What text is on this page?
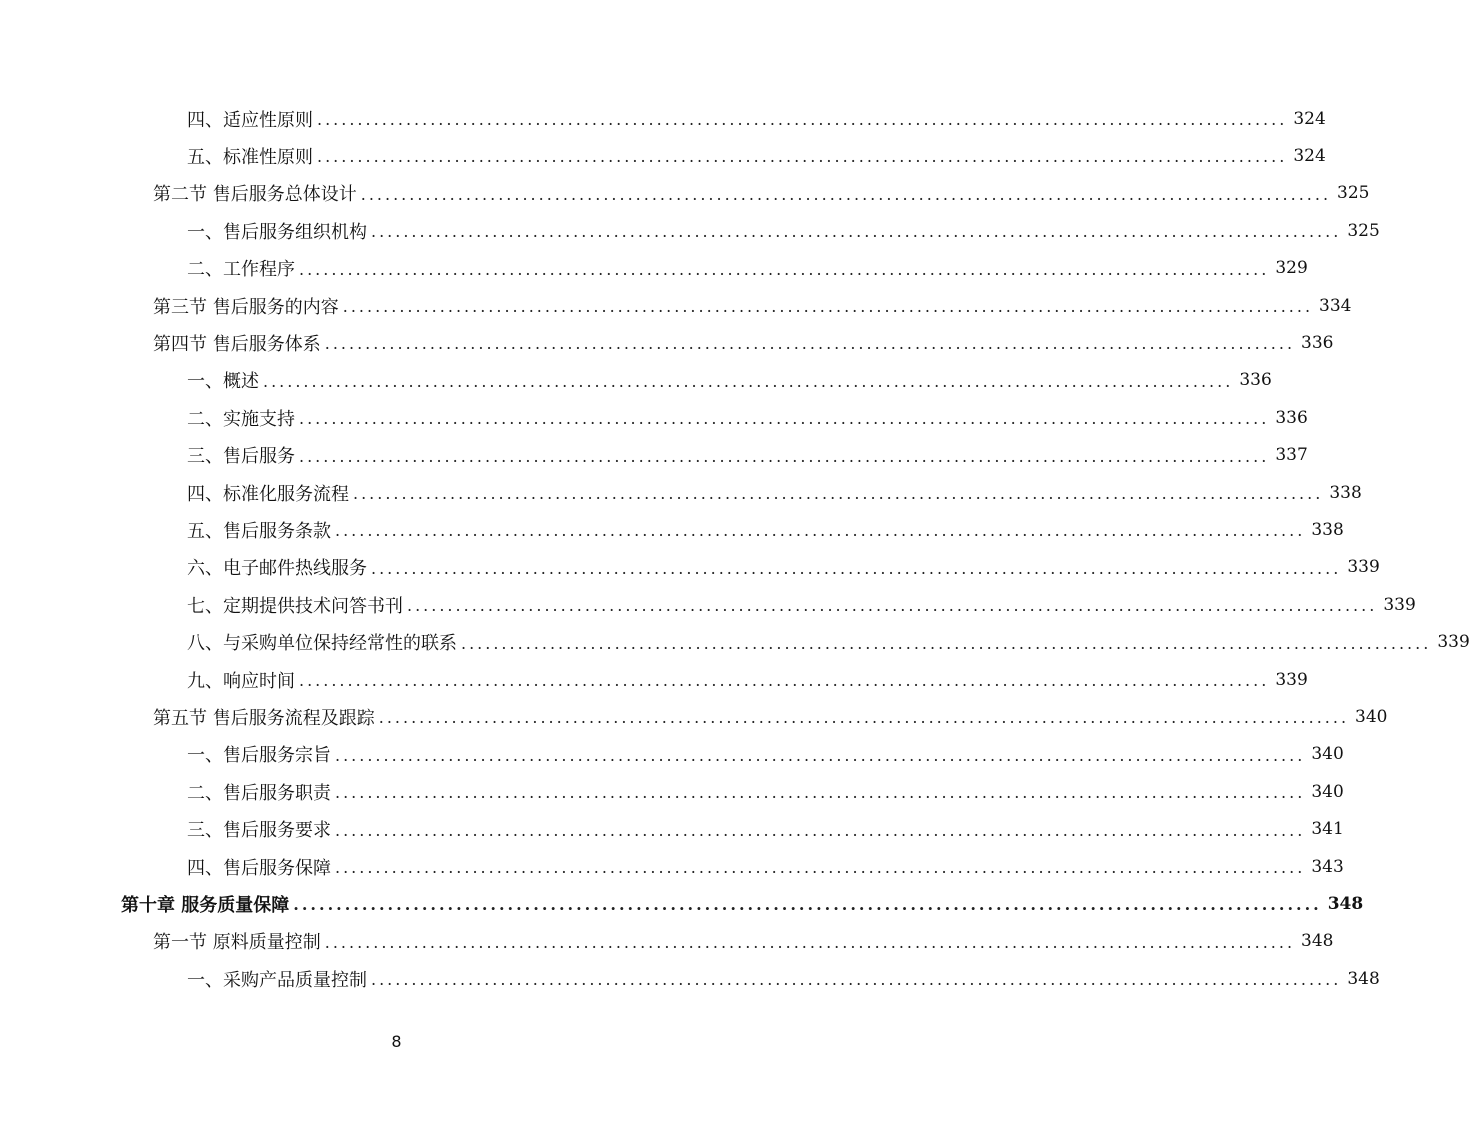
四、适应性原则 ........................................................................................................................ 324
五、标准性原则 ........................................................................................................................ 324
第二节 售后服务总体设计 ........................................................................................................................ 325
一、售后服务组织机构 ........................................................................................................................ 325
二、工作程序 ........................................................................................................................ 329
第三节 售后服务的内容 ........................................................................................................................ 334
第四节 售后服务体系 ........................................................................................................................ 336
一、概述 ........................................................................................................................ 336
二、实施支持 ........................................................................................................................ 336
三、售后服务 ........................................................................................................................ 337
四、标准化服务流程 ........................................................................................................................ 338
五、售后服务条款 ........................................................................................................................ 338
六、电子邮件热线服务 ........................................................................................................................ 339
七、定期提供技术问答书刊 ........................................................................................................................ 339
八、与采购单位保持经常性的联系 ........................................................................................................................ 339
九、响应时间 ........................................................................................................................ 339
第五节 售后服务流程及跟踪 ........................................................................................................................ 340
一、售后服务宗旨 ........................................................................................................................ 340
二、售后服务职责 ........................................................................................................................ 340
三、售后服务要求 ........................................................................................................................ 341
四、售后服务保障 ........................................................................................................................ 343
第十章 服务质量保障 ........................................................................................................................ 348
第一节 原料质量控制 ........................................................................................................................ 348
一、采购产品质量控制 ........................................................................................................................ 348
8
